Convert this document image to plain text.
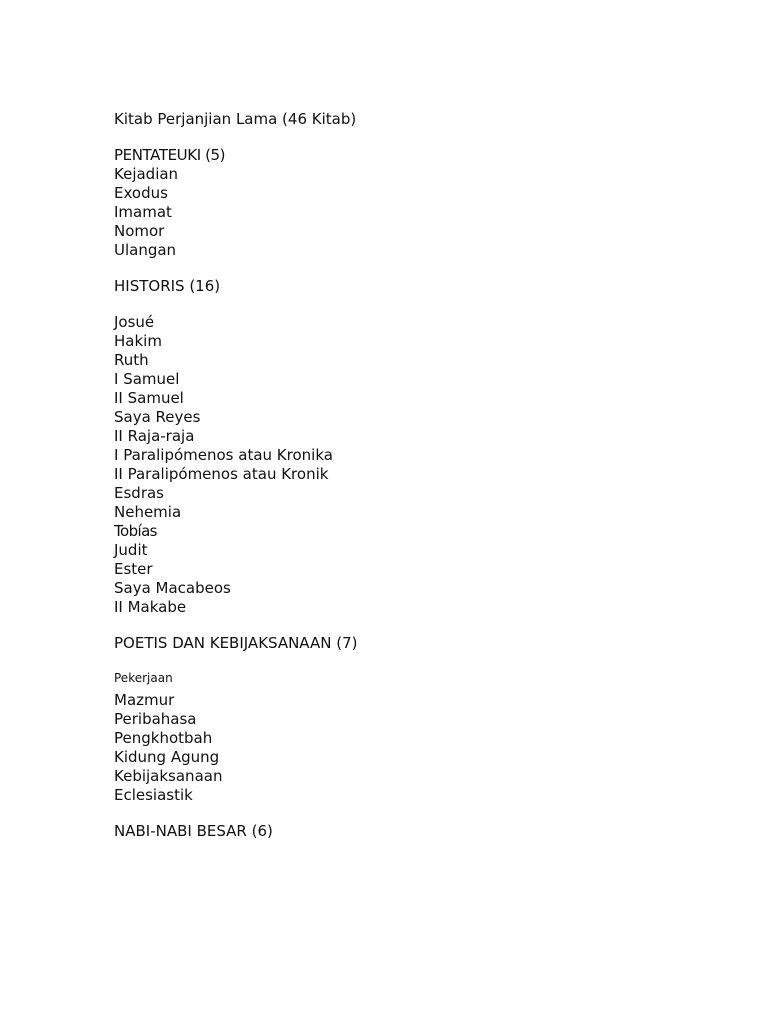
Kitab Perjanjian Lama (46 Kitab)
PENTATEUKI (5)
Kejadian
Exodus
Imamat
Nomor
Ulangan
HISTORIS (16)
Josué
Hakim
Ruth
I Samuel
II Samuel
Saya Reyes
II Raja-raja
I Paralipómenos atau Kronika
II Paralipómenos atau Kronik
Esdras
Nehemia
Tobías
Judit
Ester
Saya Macabeos
II Makabe
POETIS DAN KEBIJAKSANAAN (7)
Pekerjaan
Mazmur
Peribahasa
Pengkhotbah
Kidung Agung
Kebijaksanaan
Eclesiastik
NABI-NABI BESAR (6)
